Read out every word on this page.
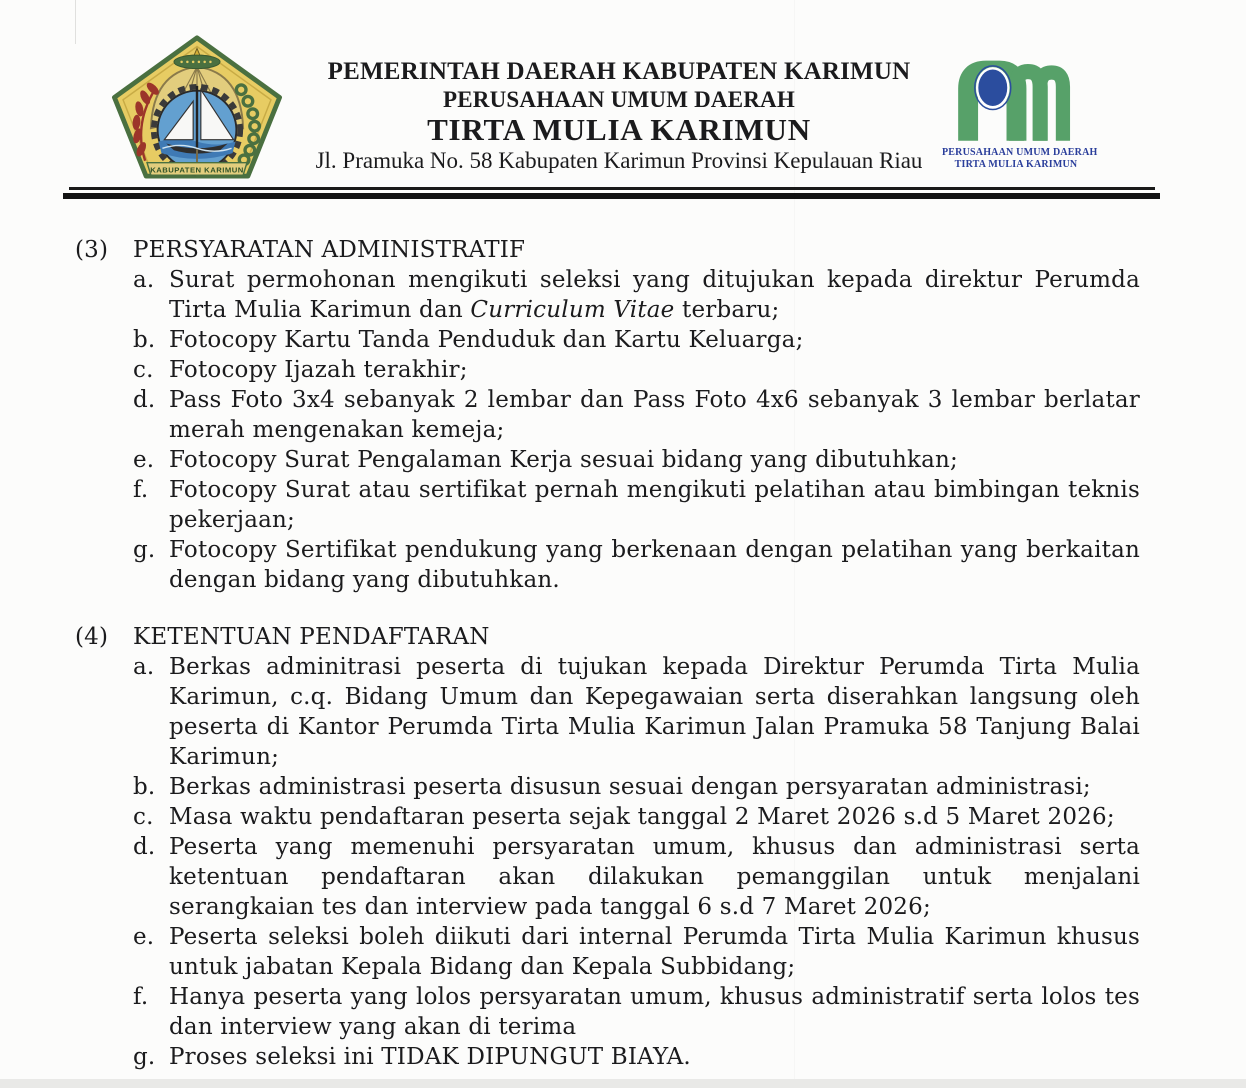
KABUPATEN KARIMUN
PEMERINTAH DAERAH KABUPATEN KARIMUN
PERUSAHAAN UMUM DAERAH
TIRTA MULIA KARIMUN
Jl. Pramuka No. 58 Kabupaten Karimun Provinsi Kepulauan Riau	PERUSAHAAN UMUM DAERAH
TIRTA MULIA KARIMUN
(3)	PERSYARATAN ADMINISTRATIF
a. Surat permohonan mengikuti seleksi yang ditujukan kepada direktur Perumda Tirta Mulia Karimun dan Curriculum Vitae terbaru;
b. Fotocopy Kartu Tanda Penduduk dan Kartu Keluarga;
c. Fotocopy Ijazah terakhir;
d. Pass Foto 3x4 sebanyak 2 lembar dan Pass Foto 4x6 sebanyak 3 lembar berlatar merah mengenakan kemeja;
e. Fotocopy Surat Pengalaman Kerja sesuai bidang yang dibutuhkan;
f. Fotocopy Surat atau sertifikat pernah mengikuti pelatihan atau bimbingan teknis pekerjaan;
g. Fotocopy Sertifikat pendukung yang berkenaan dengan pelatihan yang berkaitan dengan bidang yang dibutuhkan.
(4)	KETENTUAN PENDAFTARAN
a. Berkas adminitrasi peserta di tujukan kepada Direktur Perumda Tirta Mulia Karimun, c.q. Bidang Umum dan Kepegawaian serta diserahkan langsung oleh peserta di Kantor Perumda Tirta Mulia Karimun Jalan Pramuka 58 Tanjung Balai Karimun;
b. Berkas administrasi peserta disusun sesuai dengan persyaratan administrasi;
c. Masa waktu pendaftaran peserta sejak tanggal 2 Maret 2026 s.d 5 Maret 2026;
d. Peserta yang memenuhi persyaratan umum, khusus dan administrasi serta ketentuan pendaftaran akan dilakukan pemanggilan untuk menjalani serangkaian tes dan interview pada tanggal 6 s.d 7 Maret 2026;
e. Peserta seleksi boleh diikuti dari internal Perumda Tirta Mulia Karimun khusus untuk jabatan Kepala Bidang dan Kepala Subbidang;
f. Hanya peserta yang lolos persyaratan umum, khusus administratif serta lolos tes dan interview yang akan di terima
g. Proses seleksi ini TIDAK DIPUNGUT BIAYA.
